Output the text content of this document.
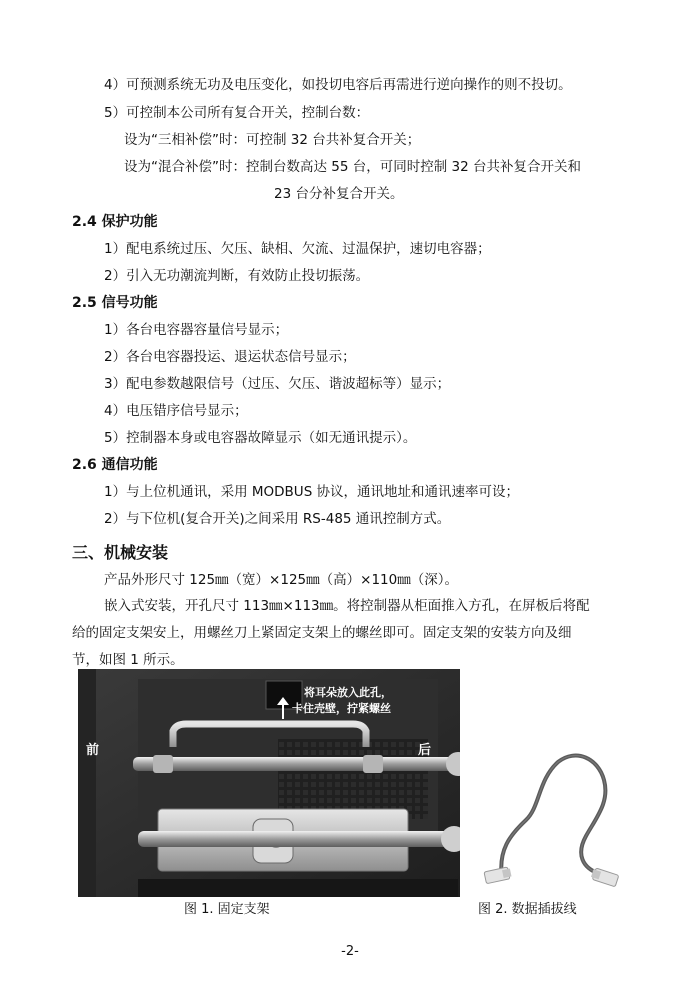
4）可预测系统无功及电压变化，如投切电容后再需进行逆向操作的则不投切。
5）可控制本公司所有复合开关，控制台数：
设为“三相补偿”时：可控制 32 台共补复合开关；
设为“混合补偿”时：控制台数高达 55 台，可同时控制 32 台共补复合开关和
23 台分补复合开关。
2.4 保护功能
1）配电系统过压、欠压、缺相、欠流、过温保护，速切电容器；
2）引入无功潮流判断，有效防止投切振荡。
2.5 信号功能
1）各台电容器容量信号显示；
2）各台电容器投运、退运状态信号显示；
3）配电参数越限信号（过压、欠压、谐波超标等）显示；
4）电压错序信号显示；
5）控制器本身或电容器故障显示（如无通讯提示）。
2.6 通信功能
1）与上位机通讯，采用 MODBUS 协议，通讯地址和通讯速率可设；
2）与下位机(复合开关)之间采用 RS-485 通讯控制方式。
三、机械安装
产品外形尺寸 125㎜（宽）×125㎜（高）×110㎜（深）。
嵌入式安装，开孔尺寸 113㎜×113㎜。将控制器从柜面推入方孔，在屏板后将配
给的固定支架安上，用螺丝刀上紧固定支架上的螺丝即可。固定支架的安装方向及细
节，如图 1 所示。
将耳朵放入此孔，
卡住壳壁，拧紧螺丝
前	后
图 1. 固定支架	图 2. 数据插拔线
-2-
